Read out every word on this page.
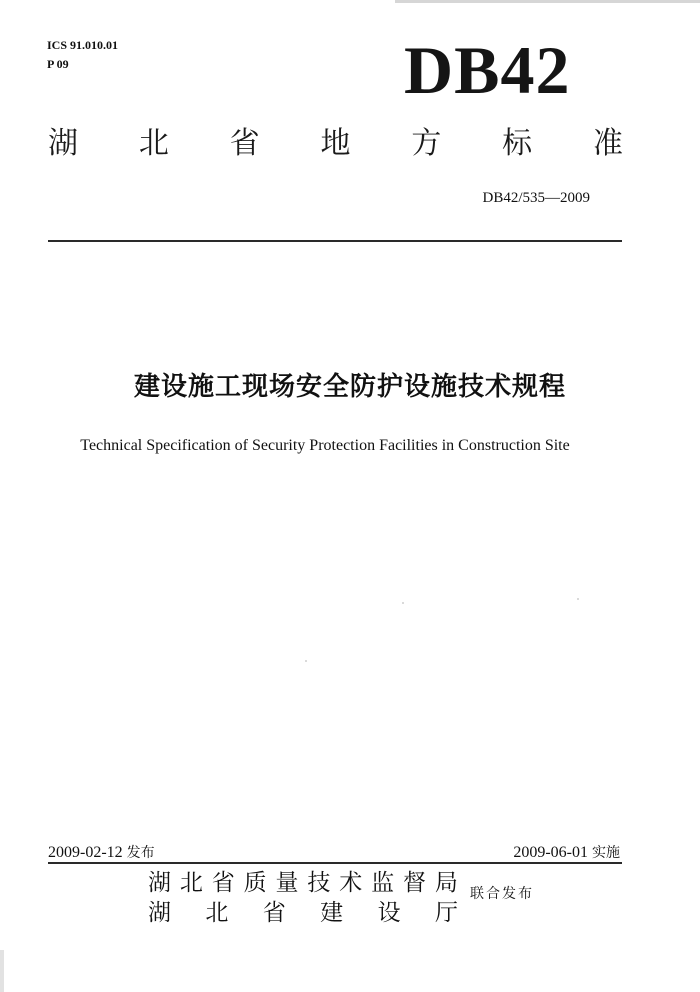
ICS 91.010.01
P 09	DB42
湖 北 省 地 方 标 准
DB42/535—2009
建设施工现场安全防护设施技术规程
Technical Specification of Security Protection Facilities in Construction Site
2009-02-12 发布	2009-06-01 实施
湖 北 省 质 量 技 术 监 督 局
湖 北 省 建 设 厅
联合发布
